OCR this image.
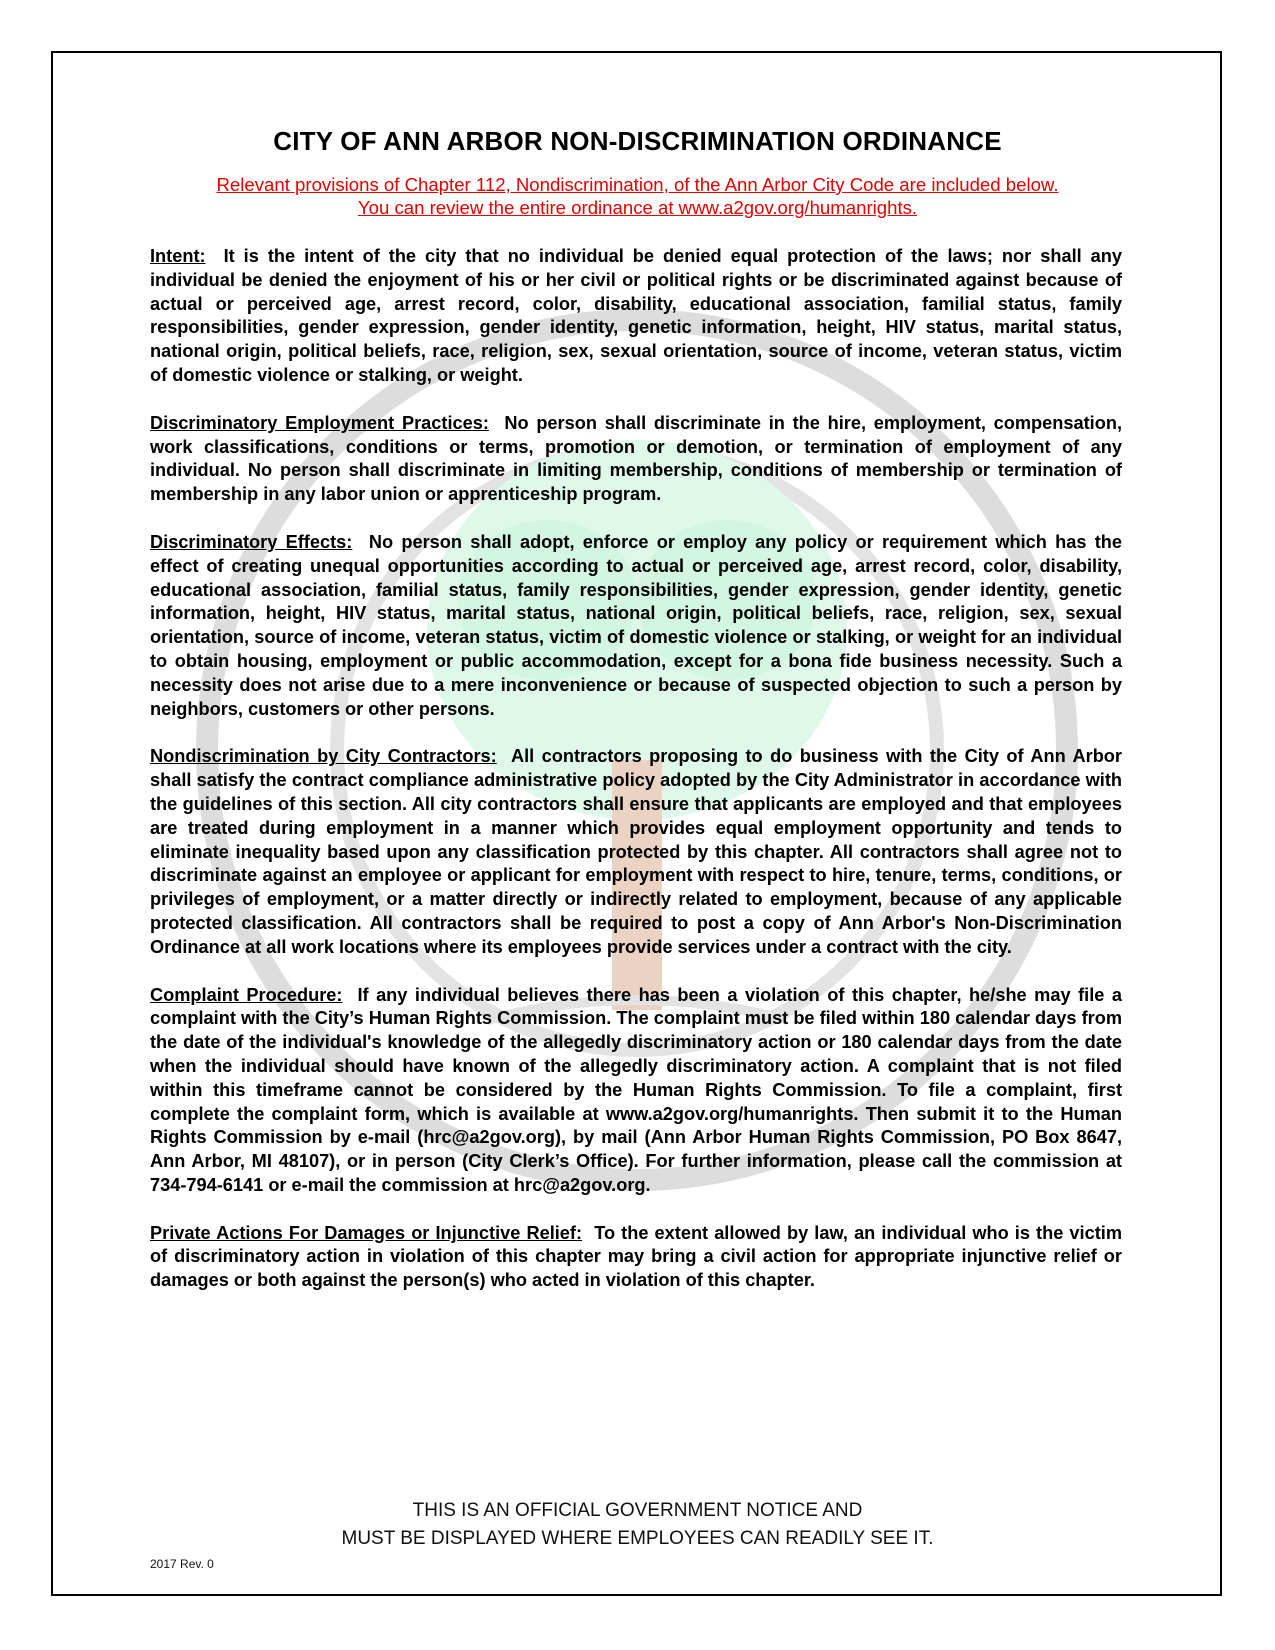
CITY OF ANN ARBOR NON-DISCRIMINATION ORDINANCE
Relevant provisions of Chapter 112, Nondiscrimination, of the Ann Arbor City Code are included below.
You can review the entire ordinance at www.a2gov.org/humanrights.

Intent: It is the intent of the city that no individual be denied equal protection of the laws; nor shall any individual be denied the enjoyment of his or her civil or political rights or be discriminated against because of actual or perceived age, arrest record, color, disability, educational association, familial status, family responsibilities, gender expression, gender identity, genetic information, height, HIV status, marital status, national origin, political beliefs, race, religion, sex, sexual orientation, source of income, veteran status, victim of domestic violence or stalking, or weight.

Discriminatory Employment Practices: No person shall discriminate in the hire, employment, compensation, work classifications, conditions or terms, promotion or demotion, or termination of employment of any individual. No person shall discriminate in limiting membership, conditions of membership or termination of membership in any labor union or apprenticeship program.

Discriminatory Effects: No person shall adopt, enforce or employ any policy or requirement which has the effect of creating unequal opportunities according to actual or perceived age, arrest record, color, disability, educational association, familial status, family responsibilities, gender expression, gender identity, genetic information, height, HIV status, marital status, national origin, political beliefs, race, religion, sex, sexual orientation, source of income, veteran status, victim of domestic violence or stalking, or weight for an individual to obtain housing, employment or public accommodation, except for a bona fide business necessity. Such a necessity does not arise due to a mere inconvenience or because of suspected objection to such a person by neighbors, customers or other persons.

Nondiscrimination by City Contractors: All contractors proposing to do business with the City of Ann Arbor shall satisfy the contract compliance administrative policy adopted by the City Administrator in accordance with the guidelines of this section. All city contractors shall ensure that applicants are employed and that employees are treated during employment in a manner which provides equal employment opportunity and tends to eliminate inequality based upon any classification protected by this chapter. All contractors shall agree not to discriminate against an employee or applicant for employment with respect to hire, tenure, terms, conditions, or privileges of employment, or a matter directly or indirectly related to employment, because of any applicable protected classification. All contractors shall be required to post a copy of Ann Arbor's Non-Discrimination Ordinance at all work locations where its employees provide services under a contract with the city.

Complaint Procedure: If any individual believes there has been a violation of this chapter, he/she may file a complaint with the City’s Human Rights Commission. The complaint must be filed within 180 calendar days from the date of the individual's knowledge of the allegedly discriminatory action or 180 calendar days from the date when the individual should have known of the allegedly discriminatory action. A complaint that is not filed within this timeframe cannot be considered by the Human Rights Commission. To file a complaint, first complete the complaint form, which is available at www.a2gov.org/humanrights. Then submit it to the Human Rights Commission by e-mail (hrc@a2gov.org), by mail (Ann Arbor Human Rights Commission, PO Box 8647, Ann Arbor, MI 48107), or in person (City Clerk’s Office). For further information, please call the commission at 734-794-6141 or e-mail the commission at hrc@a2gov.org.

Private Actions For Damages or Injunctive Relief: To the extent allowed by law, an individual who is the victim of discriminatory action in violation of this chapter may bring a civil action for appropriate injunctive relief or damages or both against the person(s) who acted in violation of this chapter.

THIS IS AN OFFICIAL GOVERNMENT NOTICE AND
MUST BE DISPLAYED WHERE EMPLOYEES CAN READILY SEE IT.
2017 Rev. 0
